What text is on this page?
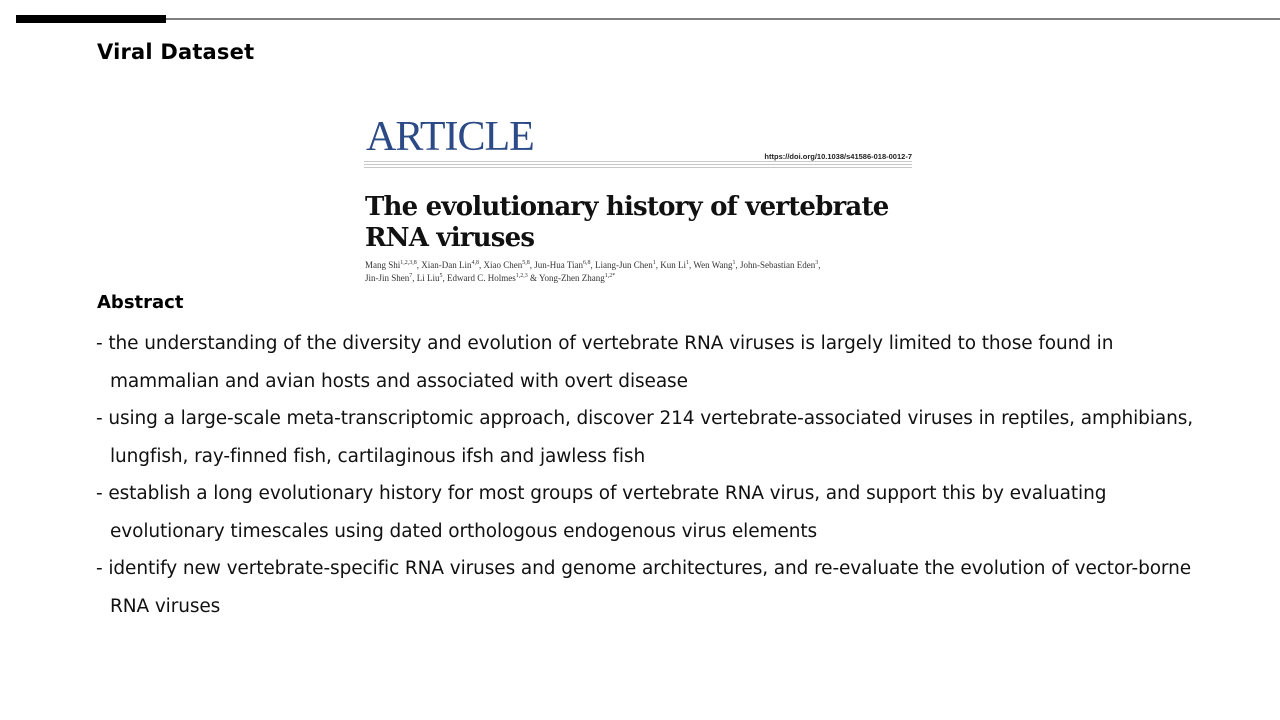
Viral Dataset
ARTICLE	https://doi.org/10.1038/s41586-018-0012-7
The evolutionary history of vertebrate
RNA viruses
Mang Shi$^{1,2,3,8}$, Xian-Dan Lin$^{4,8}$, Xiao Chen$^{5,8}$, Jun-Hua Tian$^{6,8}$, Liang-Jun Chen$^1$, Kun Li$^1$, Wen Wang$^1$, John-Sebastian Eden$^3$,
Jin-Jin Shen$^7$, Li Liu$^5$, Edward C. Holmes$^{1,2,3}$ & Yong-Zhen Zhang$^{1,2*}$
Abstract
- the understanding of the diversity and evolution of vertebrate RNA viruses is largely limited to those found in mammalian and avian hosts and associated with overt disease
- using a large-scale meta-transcriptomic approach, discover 214 vertebrate-associated viruses in reptiles, amphibians, lungfish, ray-finned fish, cartilaginous ifsh and jawless fish
- establish a long evolutionary history for most groups of vertebrate RNA virus, and support this by evaluating evolutionary timescales using dated orthologous endogenous virus elements
- identify new vertebrate-specific RNA viruses and genome architectures, and re-evaluate the evolution of vector-borne RNA viruses
